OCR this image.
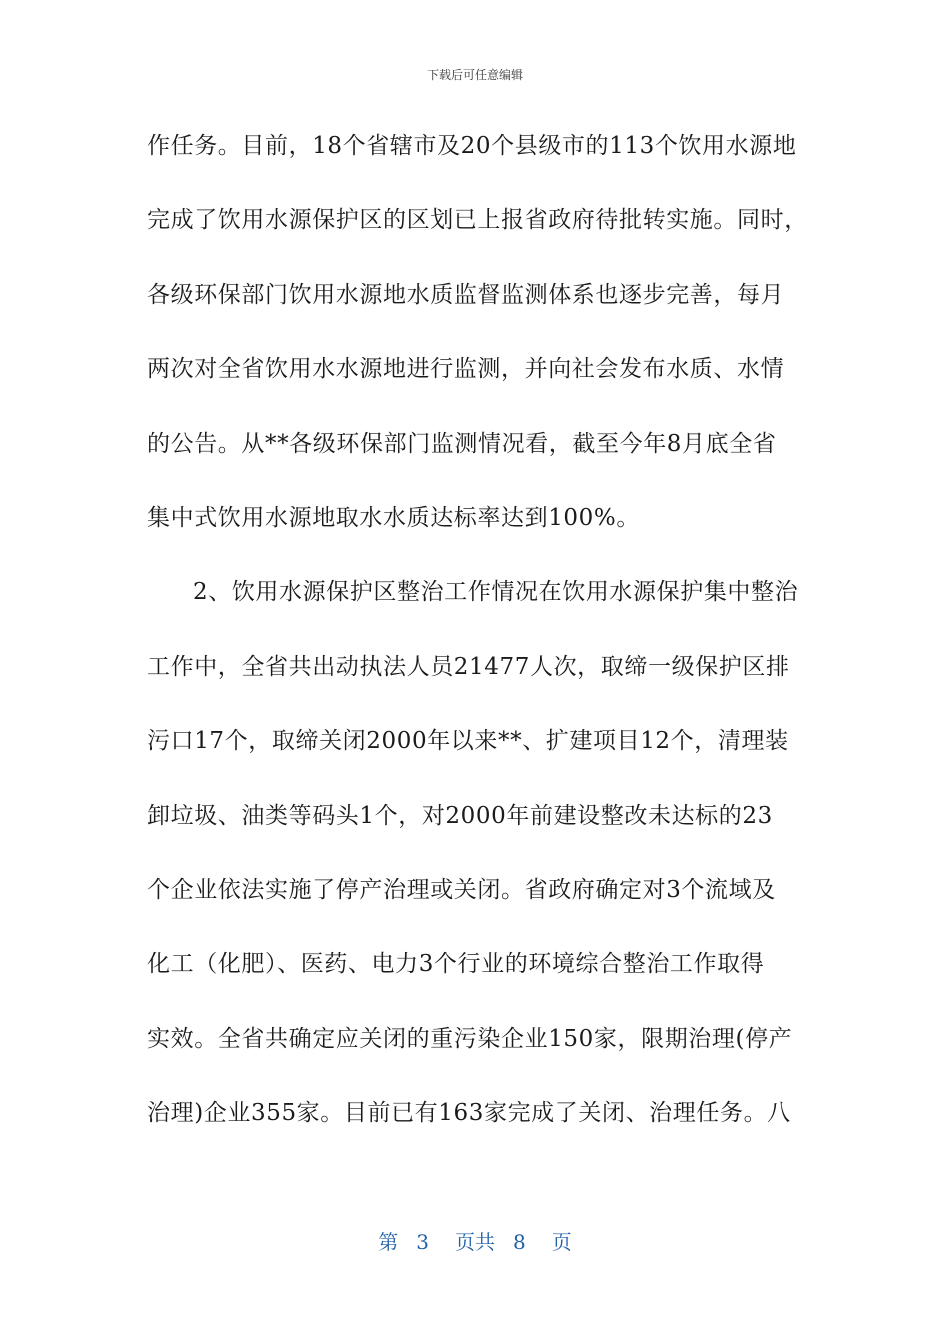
下载后可任意编辑
作任务。目前，18个省辖市及20个县级市的113个饮用水源地
完成了饮用水源保护区的区划已上报省政府待批转实施。同时，
各级环保部门饮用水源地水质监督监测体系也逐步完善，每月
两次对全省饮用水水源地进行监测，并向社会发布水质、水情
的公告。从**各级环保部门监测情况看，截至今年8月底全省
集中式饮用水源地取水水质达标率达到100%。
2、饮用水源保护区整治工作情况在饮用水源保护集中整治
工作中，全省共出动执法人员21477人次，取缔一级保护区排
污口17个，取缔关闭2000年以来**、扩建项目12个，清理装
卸垃圾、油类等码头1个，对2000年前建设整改未达标的23
个企业依法实施了停产治理或关闭。省政府确定对3个流域及
化工（化肥）、医药、电力3个行业的环境综合整治工作取得
实效。全省共确定应关闭的重污染企业150家，限期治理(停产
治理)企业355家。目前已有163家完成了关闭、治理任务。八
第 3 页共 8 页
